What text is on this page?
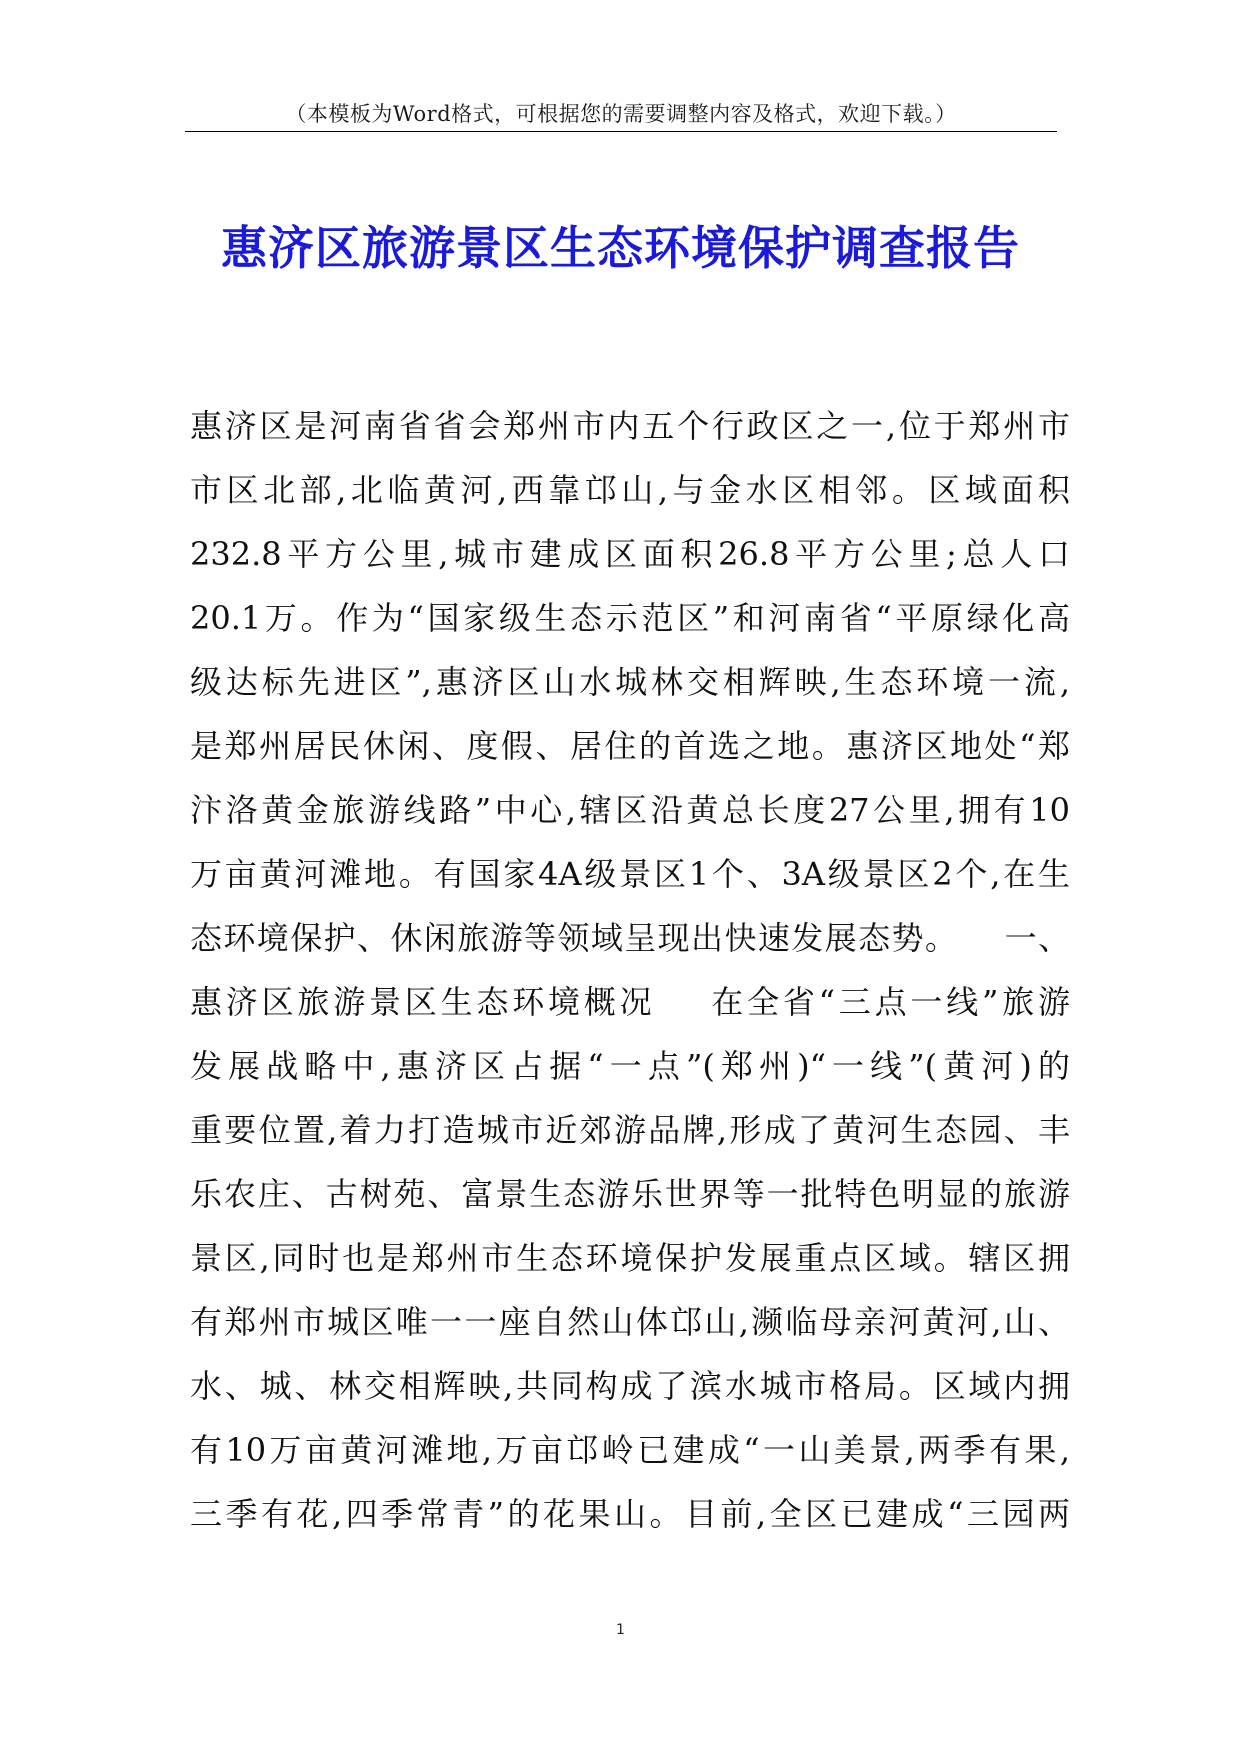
（本模板为Word格式，可根据您的需要调整内容及格式，欢迎下载。）
惠济区旅游景区生态环境保护调查报告
惠济区是河南省省会郑州市内五个行政区之一,位于郑州市
市区北部,北临黄河,西靠邙山,与金水区相邻。区域面积
232.8平方公里,城市建成区面积26.8平方公里;总人口
20.1万。作为“国家级生态示范区”和河南省“平原绿化高
级达标先进区”,惠济区山水城林交相辉映,生态环境一流,
是郑州居民休闲、度假、居住的首选之地。惠济区地处“郑
汴洛黄金旅游线路”中心,辖区沿黄总长度27公里,拥有10
万亩黄河滩地。有国家4A级景区1个、3A级景区2个,在生
态环境保护、休闲旅游等领域呈现出快速发展态势。    一、
惠济区旅游景区生态环境概况    在全省“三点一线”旅游
发展战略中,惠济区占据“一点”(郑州)“一线”(黄河)的
重要位置,着力打造城市近郊游品牌,形成了黄河生态园、丰
乐农庄、古树苑、富景生态游乐世界等一批特色明显的旅游
景区,同时也是郑州市生态环境保护发展重点区域。辖区拥
有郑州市城区唯一一座自然山体邙山,濒临母亲河黄河,山、
水、城、林交相辉映,共同构成了滨水城市格局。区域内拥
有10万亩黄河滩地,万亩邙岭已建成“一山美景,两季有果,
三季有花,四季常青”的花果山。目前,全区已建成“三园两
1
